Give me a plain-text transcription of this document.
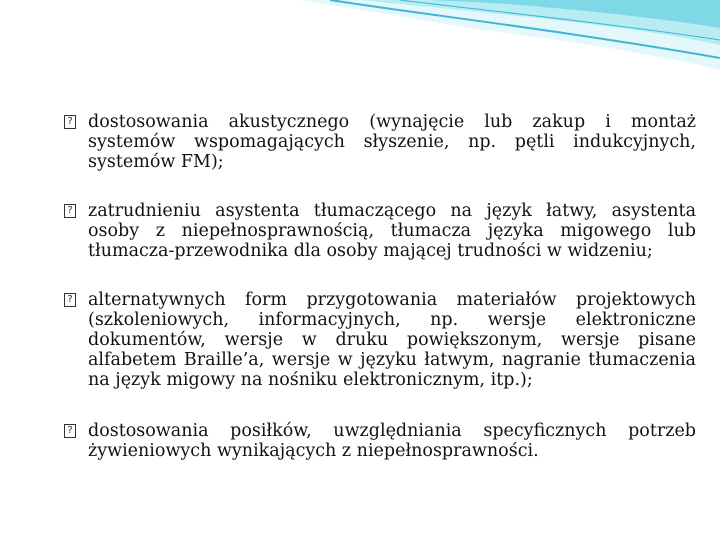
? dostosowania akustycznego (wynajęcie lub zakup i montaż systemów wspomagających słyszenie, np. pętli indukcyjnych, systemów FM);
? zatrudnieniu asystenta tłumaczącego na język łatwy, asystenta osoby z niepełnosprawnością, tłumacza języka migowego lub tłumacza-przewodnika dla osoby mającej trudności w widzeniu;
? alternatywnych form przygotowania materiałów projektowych (szkoleniowych, informacyjnych, np. wersje elektroniczne dokumentów, wersje w druku powiększonym, wersje pisane alfabetem Braille’a, wersje w języku łatwym, nagranie tłumaczenia na język migowy na nośniku elektronicznym, itp.);
? dostosowania posiłków, uwzględniania specyficznych potrzeb żywieniowych wynikających z niepełnosprawności.
